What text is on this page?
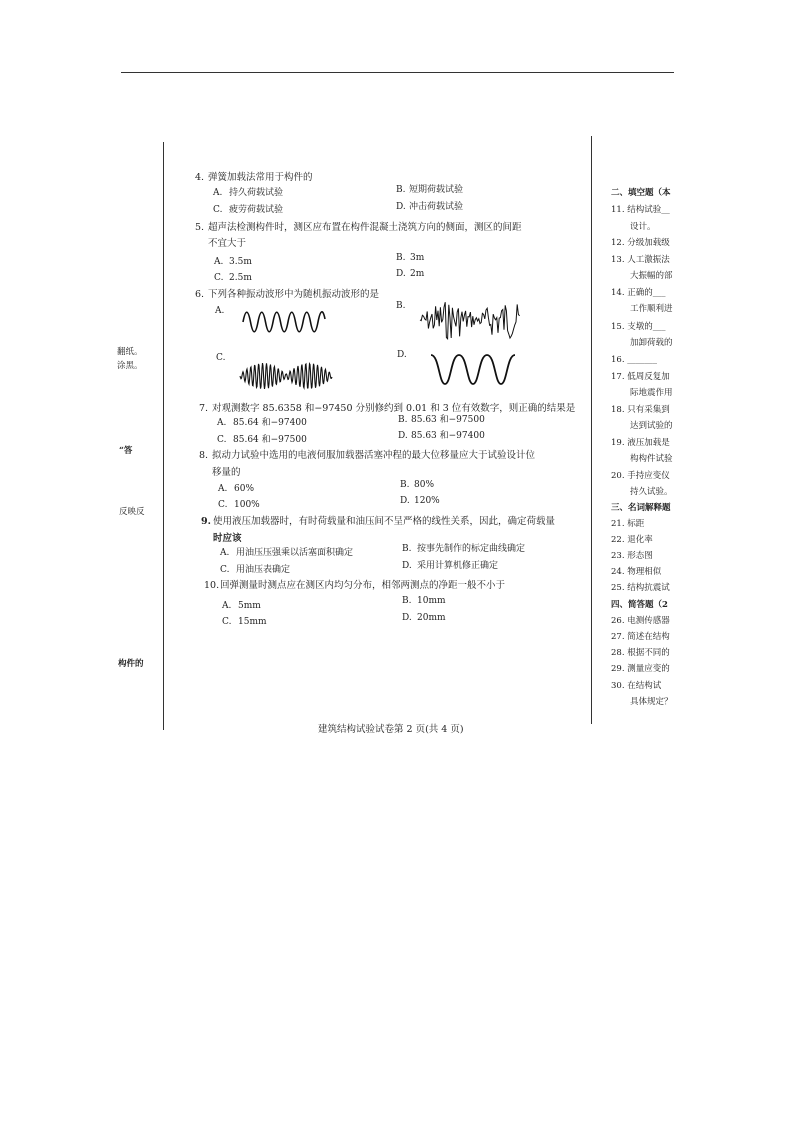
翻纸。
涂黑。
“答
反映反
构件的
4. 弹簧加载法常用于构件的
A. 持久荷载试验	B. 短期荷载试验
C. 疲劳荷载试验	D. 冲击荷载试验
5. 超声法检测构件时，测区应布置在构件混凝土浇筑方向的侧面，测区的间距
不宜大于
A. 3.5m	B. 3m
C. 2.5m	D. 2m
6. 下列各种振动波形中为随机振动波形的是
A.	B.
C.	D.
7. 对观测数字 85.6358 和−97450 分别修约到 0.01 和 3 位有效数字，则正确的结果是
A. 85.64 和−97400	B. 85.63 和−97500
C. 85.64 和−97500	D. 85.63 和−97400
8. 拟动力试验中选用的电液伺服加载器活塞冲程的最大位移量应大于试验设计位
移量的
A. 60%	B. 80%
C. 100%	D. 120%
9. 使用液压加载器时，有时荷载量和油压间不呈严格的线性关系，因此，确定荷载量
时应该
A. 用油压压强乘以活塞面积确定	B. 按事先制作的标定曲线确定
C. 用油压表确定	D. 采用计算机修正确定
10. 回弹测量时测点应在测区内均匀分布，相邻两测点的净距一般不小于
A. 5mm	B. 10mm
C. 15mm	D. 20mm
二、填空题（本
11. 结构试验__
设计。
12. 分级加载级
13. 人工激振法
大振幅的部
14. 正确的___
工作顺利进
15. 支墩的___
加卸荷载的
16. _______
17. 低周反复加
际地震作用
18. 只有采集到
达到试验的
19. 液压加载是
构构件试验
20. 手持应变仪
持久试验。
三、名词解释题
21. 标距
22. 退化率
23. 形态图
24. 物理相似
25. 结构抗震试
四、简答题（2
26. 电测传感器
27. 简述在结构
28. 根据不同的
29. 测量应变的
30. 在结构试
具体规定？
建筑结构试验试卷第 2 页(共 4 页)
